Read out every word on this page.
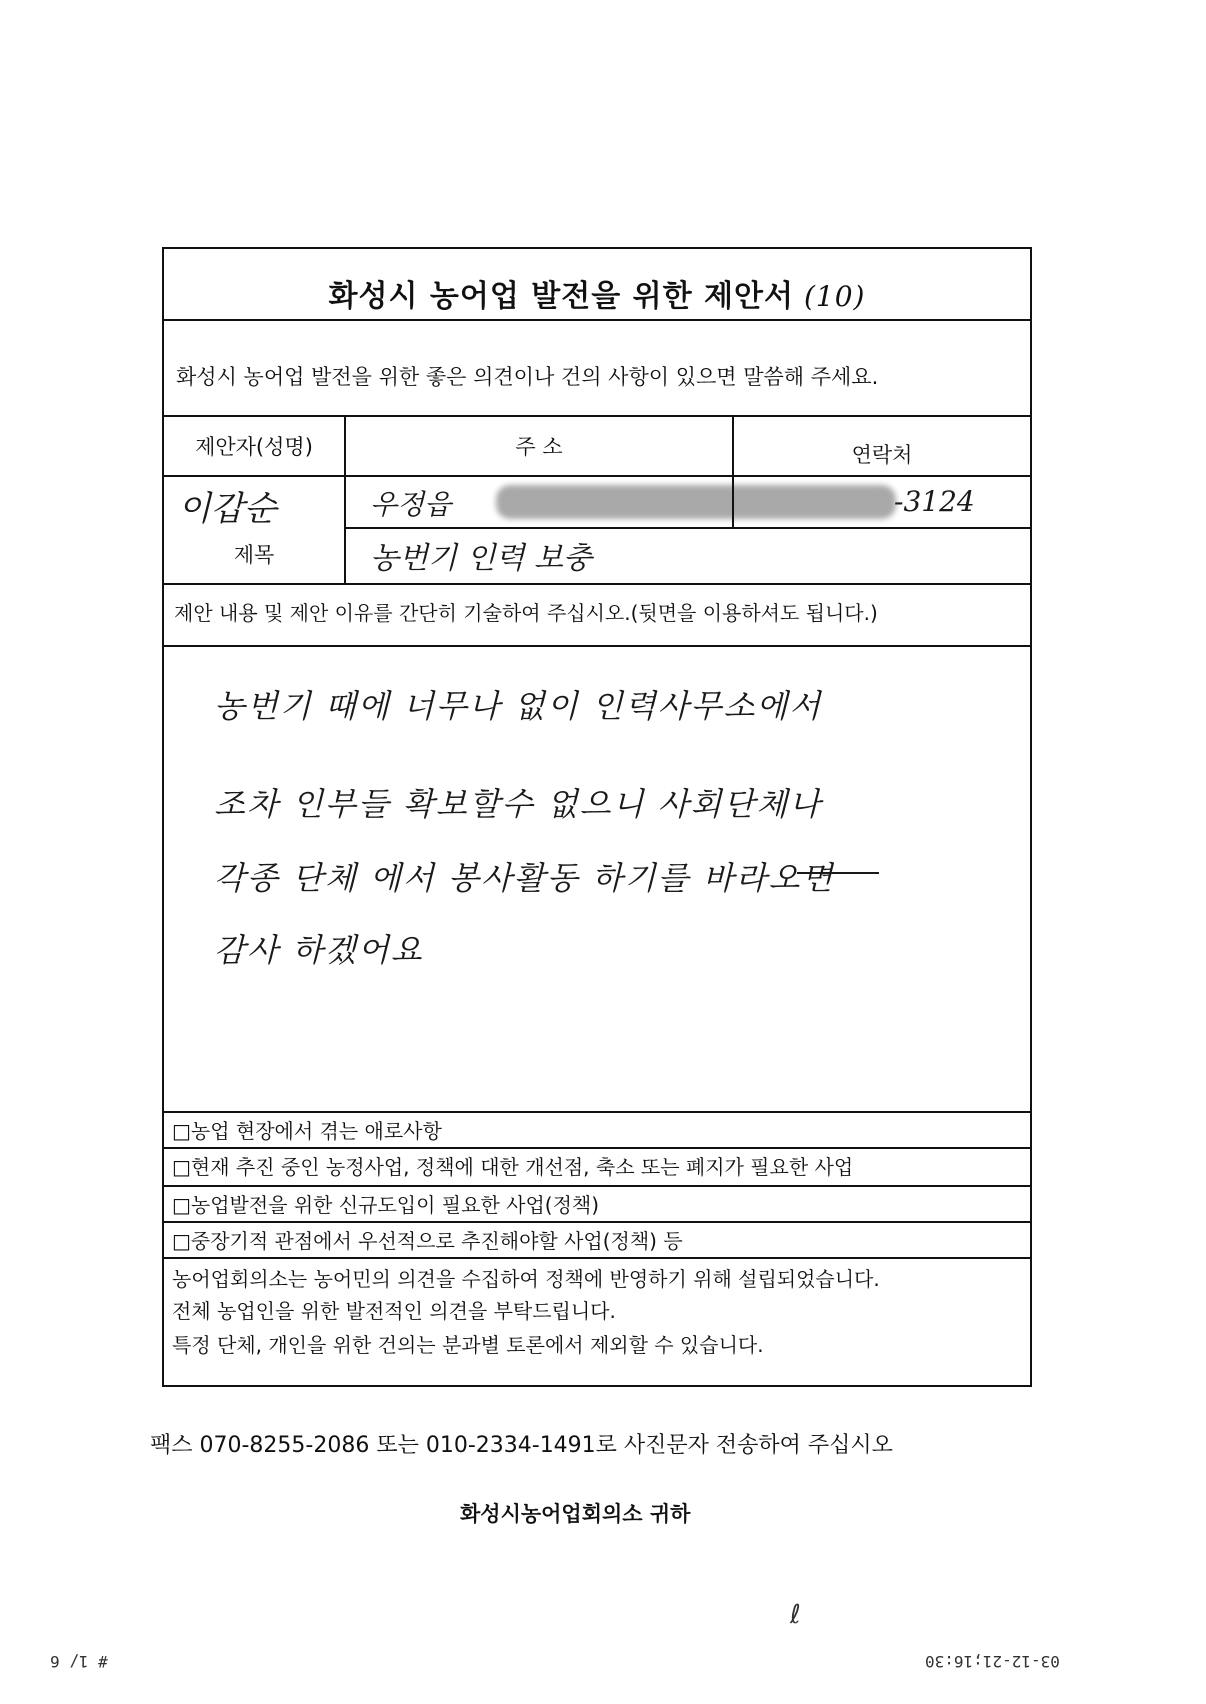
화성시 농어업 발전을 위한 제안서 (10)
화성시 농어업 발전을 위한 좋은 의견이나 건의 사항이 있으면 말씀해 주세요.
제안자(성명)	주 소	연락처
이갑순	우정읍	-3124
제목	농번기 인력 보충
제안 내용 및 제안 이유를 간단히 기술하여 주십시오.(뒷면을 이용하셔도 됩니다.)
농번기 때에 너무나 없이 인력사무소에서
조차 인부들 확보할수 없으니 사회단체나
각종 단체 에서 봉사활동 하기를 바라오면
감사 하겠어요
□농업 현장에서 겪는 애로사항
□현재 추진 중인 농정사업, 정책에 대한 개선점, 축소 또는 폐지가 필요한 사업
□농업발전을 위한 신규도입이 필요한 사업(정책)
□중장기적 관점에서 우선적으로 추진해야할 사업(정책) 등
농어업회의소는 농어민의 의견을 수집하여 정책에 반영하기 위해 설립되었습니다.
전체 농업인을 위한 발전적인 의견을 부탁드립니다.
특정 단체, 개인을 위한 건의는 분과별 토론에서 제외할 수 있습니다.
팩스 070-8255-2086 또는 010-2334-1491로 사진문자 전송하여 주십시오
화성시농어업회의소 귀하
ℓ
# 1/ 6	03-12-21;16:30
